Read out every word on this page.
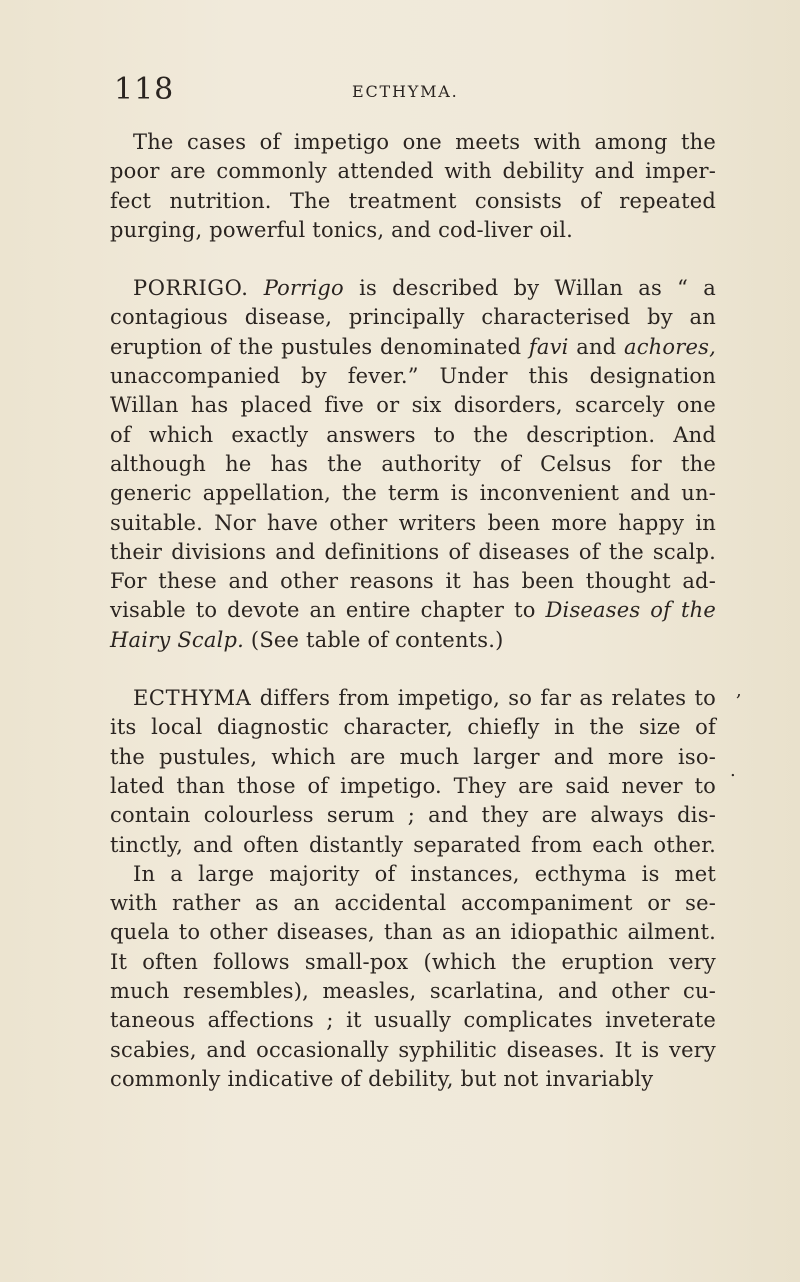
118	ECTHYMA.
The cases of impetigo one meets with among the
poor are commonly attended with debility and imper-
fect nutrition. The treatment consists of repeated
purging, powerful tonics, and cod-liver oil.
PORRIGO. Porrigo is described by Willan as “ a
contagious disease, principally characterised by an
eruption of the pustules denominated favi and achores,
unaccompanied by fever.” Under this designation
Willan has placed five or six disorders, scarcely one
of which exactly answers to the description. And
although he has the authority of Celsus for the
generic appellation, the term is inconvenient and un-
suitable. Nor have other writers been more happy in
their divisions and definitions of diseases of the scalp.
For these and other reasons it has been thought ad-
visable to devote an entire chapter to Diseases of the
Hairy Scalp. (See table of contents.)
ECTHYMA differs from impetigo, so far as relates to
its local diagnostic character, chiefly in the size of
the pustules, which are much larger and more iso-
lated than those of impetigo. They are said never to
contain colourless serum ; and they are always dis-
tinctly, and often distantly separated from each other.
In a large majority of instances, ecthyma is met
with rather as an accidental accompaniment or se-
quela to other diseases, than as an idiopathic ailment.
It often follows small-pox (which the eruption very
much resembles), measles, scarlatina, and other cu-
taneous affections ; it usually complicates inveterate
scabies, and occasionally syphilitic diseases. It is very
commonly indicative of debility, but not invariably
,
.
